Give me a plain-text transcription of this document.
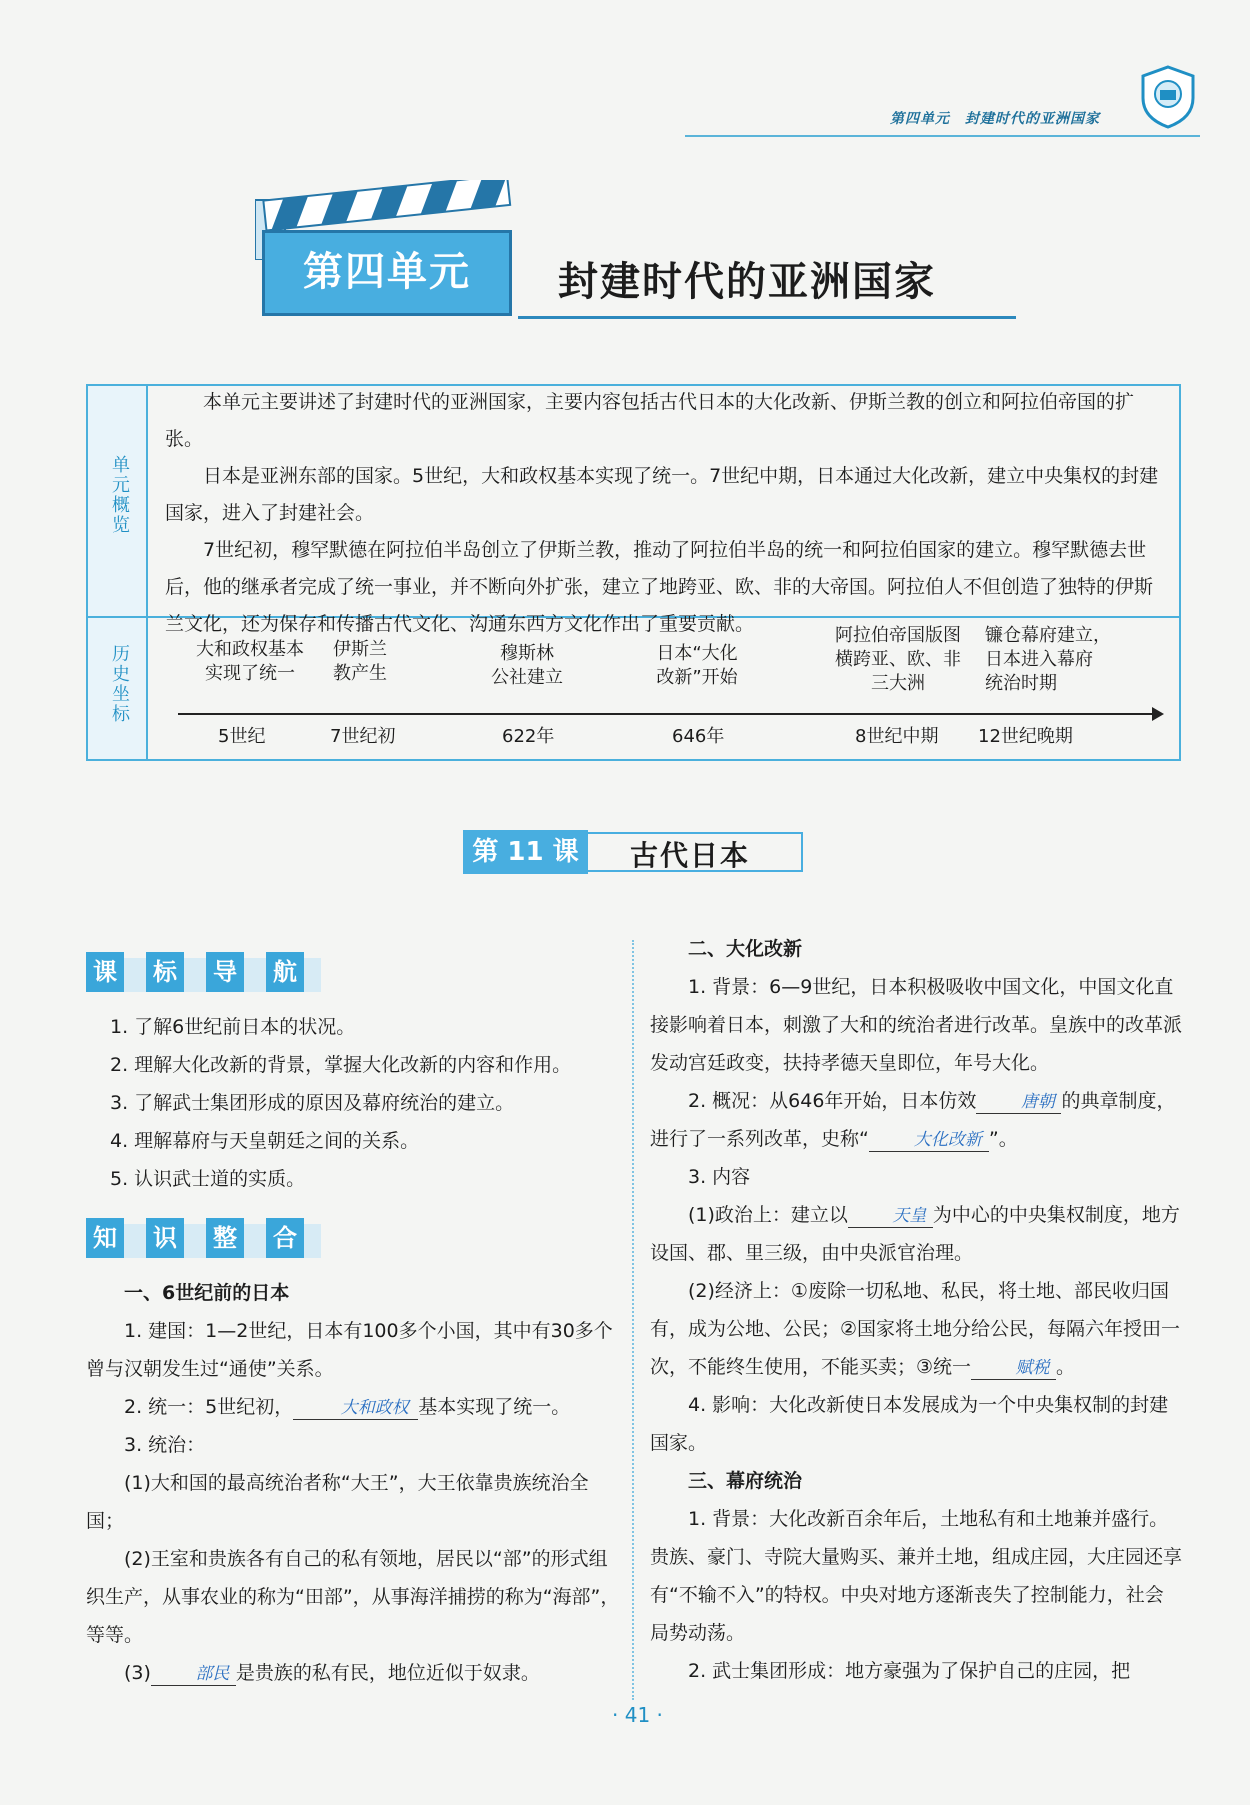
第四单元　封建时代的亚洲国家
第四单元	封建时代的亚洲国家
单元概览
历史坐标

本单元主要讲述了封建时代的亚洲国家，主要内容包括古代日本的大化改新、伊斯兰教的创立和阿拉伯帝国的扩张。

日本是亚洲东部的国家。5世纪，大和政权基本实现了统一。7世纪中期，日本通过大化改新，建立中央集权的封建国家，进入了封建社会。

7世纪初，穆罕默德在阿拉伯半岛创立了伊斯兰教，推动了阿拉伯半岛的统一和阿拉伯国家的建立。穆罕默德去世后，他的继承者完成了统一事业，并不断向外扩张，建立了地跨亚、欧、非的大帝国。阿拉伯人不但创造了独特的伊斯兰文化，还为保存和传播古代文化、沟通东西方文化作出了重要贡献。

大和政权基本
实现了统一
5世纪
伊斯兰
教产生
7世纪初
穆斯林
公社建立
622年
日本“大化
改新”开始
646年
阿拉伯帝国版图
横跨亚、欧、非
三大洲
8世纪中期
镰仓幕府建立，
日本进入幕府
统治时期
12世纪晚期
第 11 课	古代日本
课 标 导 航

1. 了解6世纪前日本的状况。

2. 理解大化改新的背景，掌握大化改新的内容和作用。

3. 了解武士集团形成的原因及幕府统治的建立。

4. 理解幕府与天皇朝廷之间的关系。

5. 认识武士道的实质。

知 识 整 合

一、6世纪前的日本

1. 建国：1—2世纪，日本有100多个小国，其中有30多个曾与汉朝发生过“通使”关系。

2. 统一：5世纪初，	大和政权 基本实现了统一。

3. 统治：

(1)大和国的最高统治者称“大王”，大王依靠贵族统治全国；

(2)王室和贵族各有自己的私有领地，居民以“部”的形式组织生产，从事农业的称为“田部”，从事海洋捕捞的称为“海部”，等等。

(3)	部民 是贵族的私有民，地位近似于奴隶。

二、大化改新

1. 背景：6—9世纪，日本积极吸收中国文化，中国文化直接影响着日本，刺激了大和的统治者进行改革。皇族中的改革派发动宫廷政变，扶持孝德天皇即位，年号大化。

2. 概况：从646年开始，日本仿效	唐朝 的典章制度，进行了一系列改革，史称“	大化改新 ”。

3. 内容

(1)政治上：建立以	天皇 为中心的中央集权制度，地方设国、郡、里三级，由中央派官治理。

(2)经济上：①废除一切私地、私民，将土地、部民收归国有，成为公地、公民；②国家将土地分给公民，每隔六年授田一次，不能终生使用，不能买卖；③统一	赋税 。

4. 影响：大化改新使日本发展成为一个中央集权制的封建国家。

三、幕府统治

1. 背景：大化改新百余年后，土地私有和土地兼并盛行。贵族、豪门、寺院大量购买、兼并土地，组成庄园，大庄园还享有“不输不入”的特权。中央对地方逐渐丧失了控制能力，社会局势动荡。

2. 武士集团形成：地方豪强为了保护自己的庄园，把

· 41 ·
